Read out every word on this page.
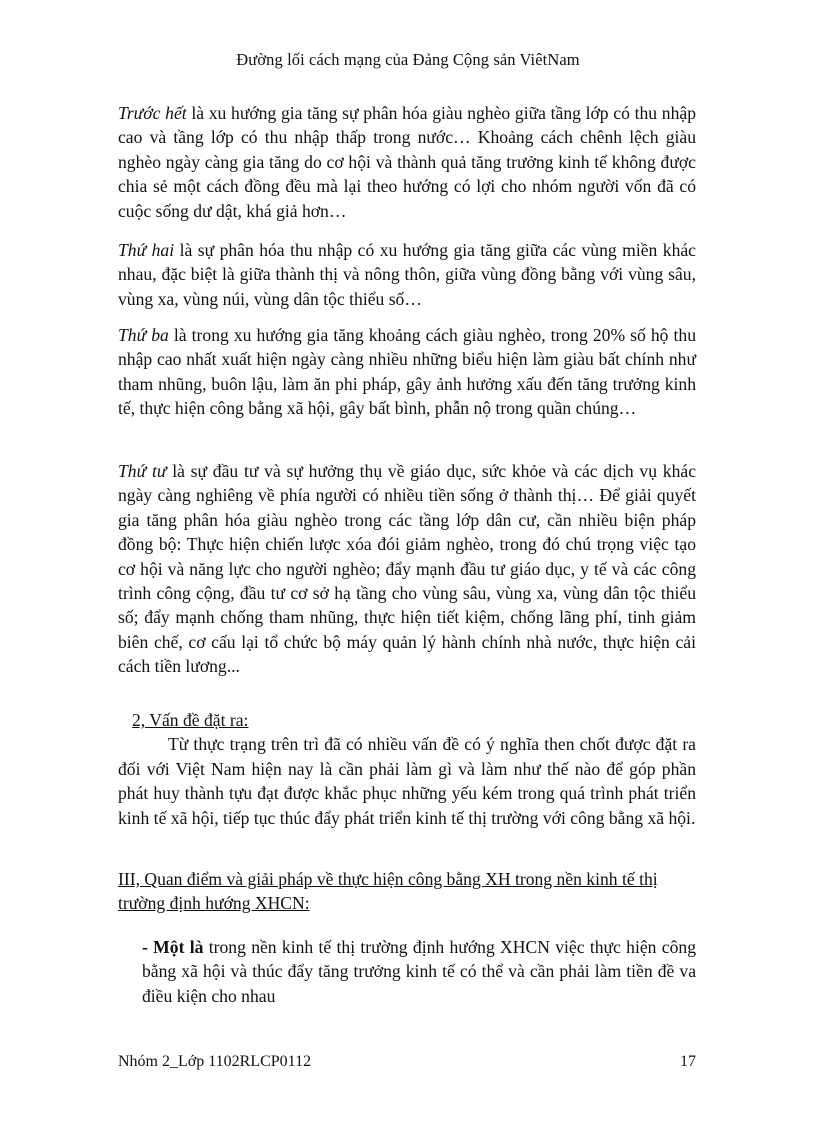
Đường lối cách mạng của Đảng Cộng sản ViêtNam

Trước hết là xu hướng gia tăng sự phân hóa giàu nghèo giữa tầng lớp có thu nhập cao và tầng lớp có thu nhập thấp trong nước… Khoảng cách chênh lệch giàu nghèo ngày càng gia tăng do cơ hội và thành quả tăng trưởng kinh tế không được chia sẻ một cách đồng đều mà lại theo hướng có lợi cho nhóm người vốn đã có cuộc sống dư dật, khá giả hơn…

Thứ hai là sự phân hóa thu nhập có xu hướng gia tăng giữa các vùng miền khác nhau, đặc biệt là giữa thành thị và nông thôn, giữa vùng đồng bằng với vùng sâu, vùng xa, vùng núi, vùng dân tộc thiểu số…

Thứ ba là trong xu hướng gia tăng khoảng cách giàu nghèo, trong 20% số hộ thu nhập cao nhất xuất hiện ngày càng nhiều những biểu hiện làm giàu bất chính như tham nhũng, buôn lậu, làm ăn phi pháp, gây ảnh hưởng xấu đến tăng trưởng kinh tế, thực hiện công bằng xã hội, gây bất bình, phẫn nộ trong quần chúng…

Thứ tư là sự đầu tư và sự hưởng thụ về giáo dục, sức khỏe và các dịch vụ khác ngày càng nghiêng về phía người có nhiều tiền sống ở thành thị… Để giải quyết gia tăng phân hóa giàu nghèo trong các tầng lớp dân cư, cần nhiều biện pháp đồng bộ: Thực hiện chiến lược xóa đói giảm nghèo, trong đó chú trọng việc tạo cơ hội và năng lực cho người nghèo; đẩy mạnh đầu tư giáo dục, y tế và các công trình công cộng, đầu tư cơ sở hạ tầng cho vùng sâu, vùng xa, vùng dân tộc thiểu số; đẩy mạnh chống tham nhũng, thực hiện tiết kiệm, chống lãng phí, tinh giảm biên chế, cơ cấu lại tổ chức bộ máy quản lý hành chính nhà nước, thực hiện cải cách tiền lương...

2, Vấn đề đặt ra:

Từ thực trạng trên trì đã có nhiều vấn đề có ý nghĩa then chốt được đặt ra đối với Việt Nam hiện nay là cần phải làm gì và làm như thế nào để góp phần phát huy thành tựu đạt được khắc phục những yếu kém trong quá trình phát triển kinh tế xã hội, tiếp tục thúc đẩy phát triển kinh tế thị trường với công bằng xã hội.

III, Quan điểm và giải pháp về thực hiện công bằng XH trong nền kinh tế thị trường định hướng XHCN:

- Một là trong nền kinh tế thị trường định hướng XHCN việc thực hiện công bằng xã hội và thúc đẩy tăng trưởng kinh tế có thể và cần phải làm tiền đề va điều kiện cho nhau

Nhóm 2_Lớp 1102RLCP0112	17
